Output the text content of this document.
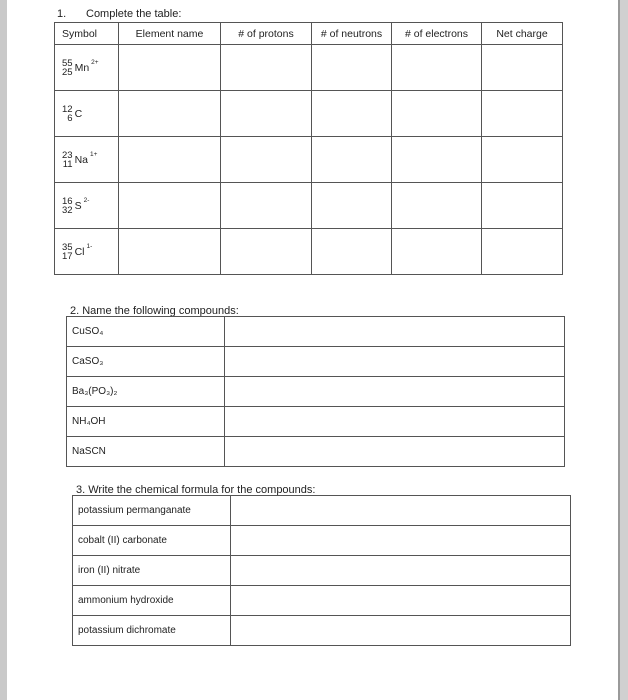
1. Complete the table:
Symbol	Element name	# of protons	# of neutrons	# of electrons	Net charge

55
25 Mn 2+					

12
6 C					

23
11 Na 1+					

16
32 S 2-					

35
17 Cl 1-					

2. Name the following compounds:
CuSO₄	
CaSO₃	
Ba₃(PO₃)₂	
NH₄OH	
NaSCN	
3. Write the chemical formula for the compounds:
potassium permanganate	
cobalt (II) carbonate	
iron (II) nitrate	
ammonium hydroxide	
potassium dichromate	
